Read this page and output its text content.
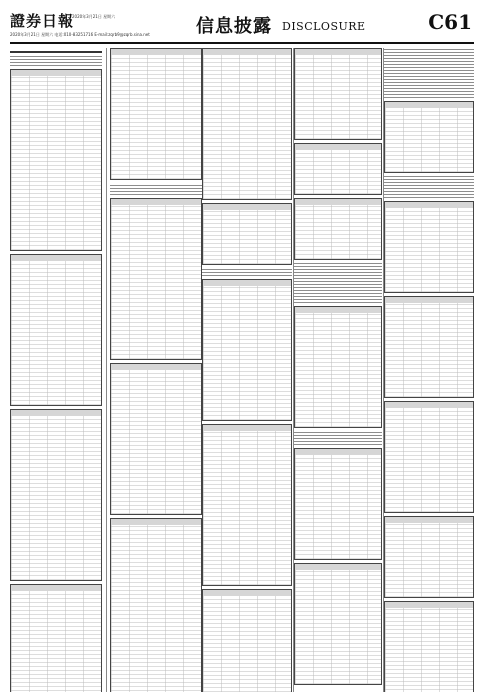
證券日報
2020年3月21日 星期六
2020年3月21日 星期六 电话:010-83251716 E-mail:zqrb9@zqrb.sina.net	信息披露 DISCLOSURE	C61
